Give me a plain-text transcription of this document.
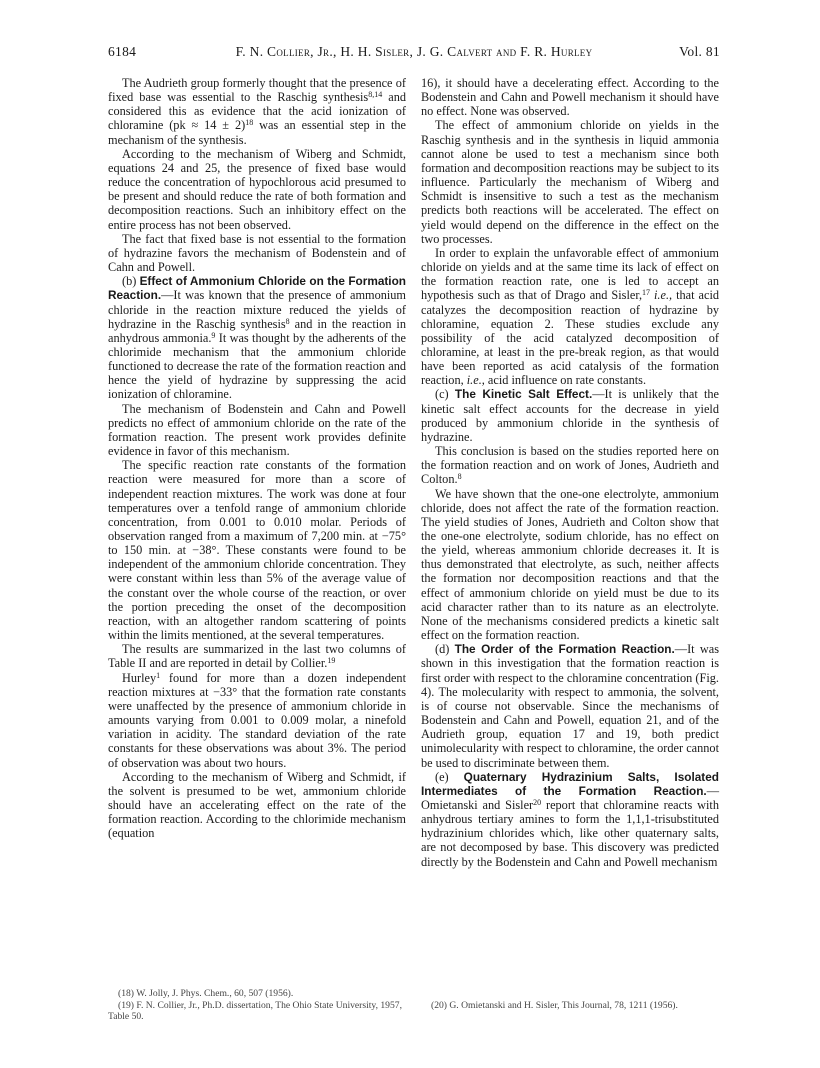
6184	F. N. Collier, Jr., H. H. Sisler, J. G. Calvert and F. R. Hurley	Vol. 81

The Audrieth group formerly thought that the presence of fixed base was essential to the Raschig synthesis$^{8,14}$ and considered this as evidence that the acid ionization of chloramine (pk ≈ 14 ± 2)$^{18}$ was an essential step in the mechanism of the synthesis.

According to the mechanism of Wiberg and Schmidt, equations 24 and 25, the presence of fixed base would reduce the concentration of hypochlorous acid presumed to be present and should reduce the rate of both formation and decomposition reactions. Such an inhibitory effect on the entire process has not been observed.

The fact that fixed base is not essential to the formation of hydrazine favors the mechanism of Bodenstein and of Cahn and Powell.

(b) Effect of Ammonium Chloride on the Formation Reaction.—It was known that the presence of ammonium chloride in the reaction mixture reduced the yields of hydrazine in the Raschig synthesis$^8$ and in the reaction in anhydrous ammonia.$^9$ It was thought by the adherents of the chlorimide mechanism that the ammonium chloride functioned to decrease the rate of the formation reaction and hence the yield of hydrazine by suppressing the acid ionization of chloramine.

The mechanism of Bodenstein and Cahn and Powell predicts no effect of ammonium chloride on the rate of the formation reaction. The present work provides definite evidence in favor of this mechanism.

The specific reaction rate constants of the formation reaction were measured for more than a score of independent reaction mixtures. The work was done at four temperatures over a tenfold range of ammonium chloride concentration, from 0.001 to 0.010 molar. Periods of observation ranged from a maximum of 7,200 min. at −75° to 150 min. at −38°. These constants were found to be independent of the ammonium chloride concentration. They were constant within less than 5% of the average value of the constant over the whole course of the reaction, or over the portion preceding the onset of the decomposition reaction, with an altogether random scattering of points within the limits mentioned, at the several temperatures.

The results are summarized in the last two columns of Table II and are reported in detail by Collier.$^{19}$

Hurley$^1$ found for more than a dozen independent reaction mixtures at −33° that the formation rate constants were unaffected by the presence of ammonium chloride in amounts varying from 0.001 to 0.009 molar, a ninefold variation in acidity. The standard deviation of the rate constants for these observations was about 3%. The period of observation was about two hours.

According to the mechanism of Wiberg and Schmidt, if the solvent is presumed to be wet, ammonium chloride should have an accelerating effect on the rate of the formation reaction. According to the chlorimide mechanism (equation

(18) W. Jolly, J. Phys. Chem., 60, 507 (1956).

(19) F. N. Collier, Jr., Ph.D. dissertation, The Ohio State University, 1957, Table 50.

16), it should have a decelerating effect. According to the Bodenstein and Cahn and Powell mechanism it should have no effect. None was observed.

The effect of ammonium chloride on yields in the Raschig synthesis and in the synthesis in liquid ammonia cannot alone be used to test a mechanism since both formation and decomposition reactions may be subject to its influence. Particularly the mechanism of Wiberg and Schmidt is insensitive to such a test as the mechanism predicts both reactions will be accelerated. The effect on yield would depend on the difference in the effect on the two processes.

In order to explain the unfavorable effect of ammonium chloride on yields and at the same time its lack of effect on the formation reaction rate, one is led to accept an hypothesis such as that of Drago and Sisler,$^{17}$ i.e., that acid catalyzes the decomposition reaction of hydrazine by chloramine, equation 2. These studies exclude any possibility of the acid catalyzed decomposition of chloramine, at least in the pre-break region, as that would have been reported as acid catalysis of the formation reaction, i.e., acid influence on rate constants.

(c) The Kinetic Salt Effect.—It is unlikely that the kinetic salt effect accounts for the decrease in yield produced by ammonium chloride in the synthesis of hydrazine.

This conclusion is based on the studies reported here on the formation reaction and on work of Jones, Audrieth and Colton.$^8$

We have shown that the one-one electrolyte, ammonium chloride, does not affect the rate of the formation reaction. The yield studies of Jones, Audrieth and Colton show that the one-one electrolyte, sodium chloride, has no effect on the yield, whereas ammonium chloride decreases it. It is thus demonstrated that electrolyte, as such, neither affects the formation nor decomposition reactions and that the effect of ammonium chloride on yield must be due to its acid character rather than to its nature as an electrolyte. None of the mechanisms considered predicts a kinetic salt effect on the formation reaction.

(d) The Order of the Formation Reaction.—It was shown in this investigation that the formation reaction is first order with respect to the chloramine concentration (Fig. 4). The molecularity with respect to ammonia, the solvent, is of course not observable. Since the mechanisms of Bodenstein and Cahn and Powell, equation 21, and of the Audrieth group, equation 17 and 19, both predict unimolecularity with respect to chloramine, the order cannot be used to discriminate between them.

(e) Quaternary Hydrazinium Salts, Isolated Intermediates of the Formation Reaction.—Omietanski and Sisler$^{20}$ report that chloramine reacts with anhydrous tertiary amines to form the 1,1,1-trisubstituted hydrazinium chlorides which, like other quaternary salts, are not decomposed by base. This discovery was predicted directly by the Bodenstein and Cahn and Powell mechanism

(20) G. Omietanski and H. Sisler, This Journal, 78, 1211 (1956).
